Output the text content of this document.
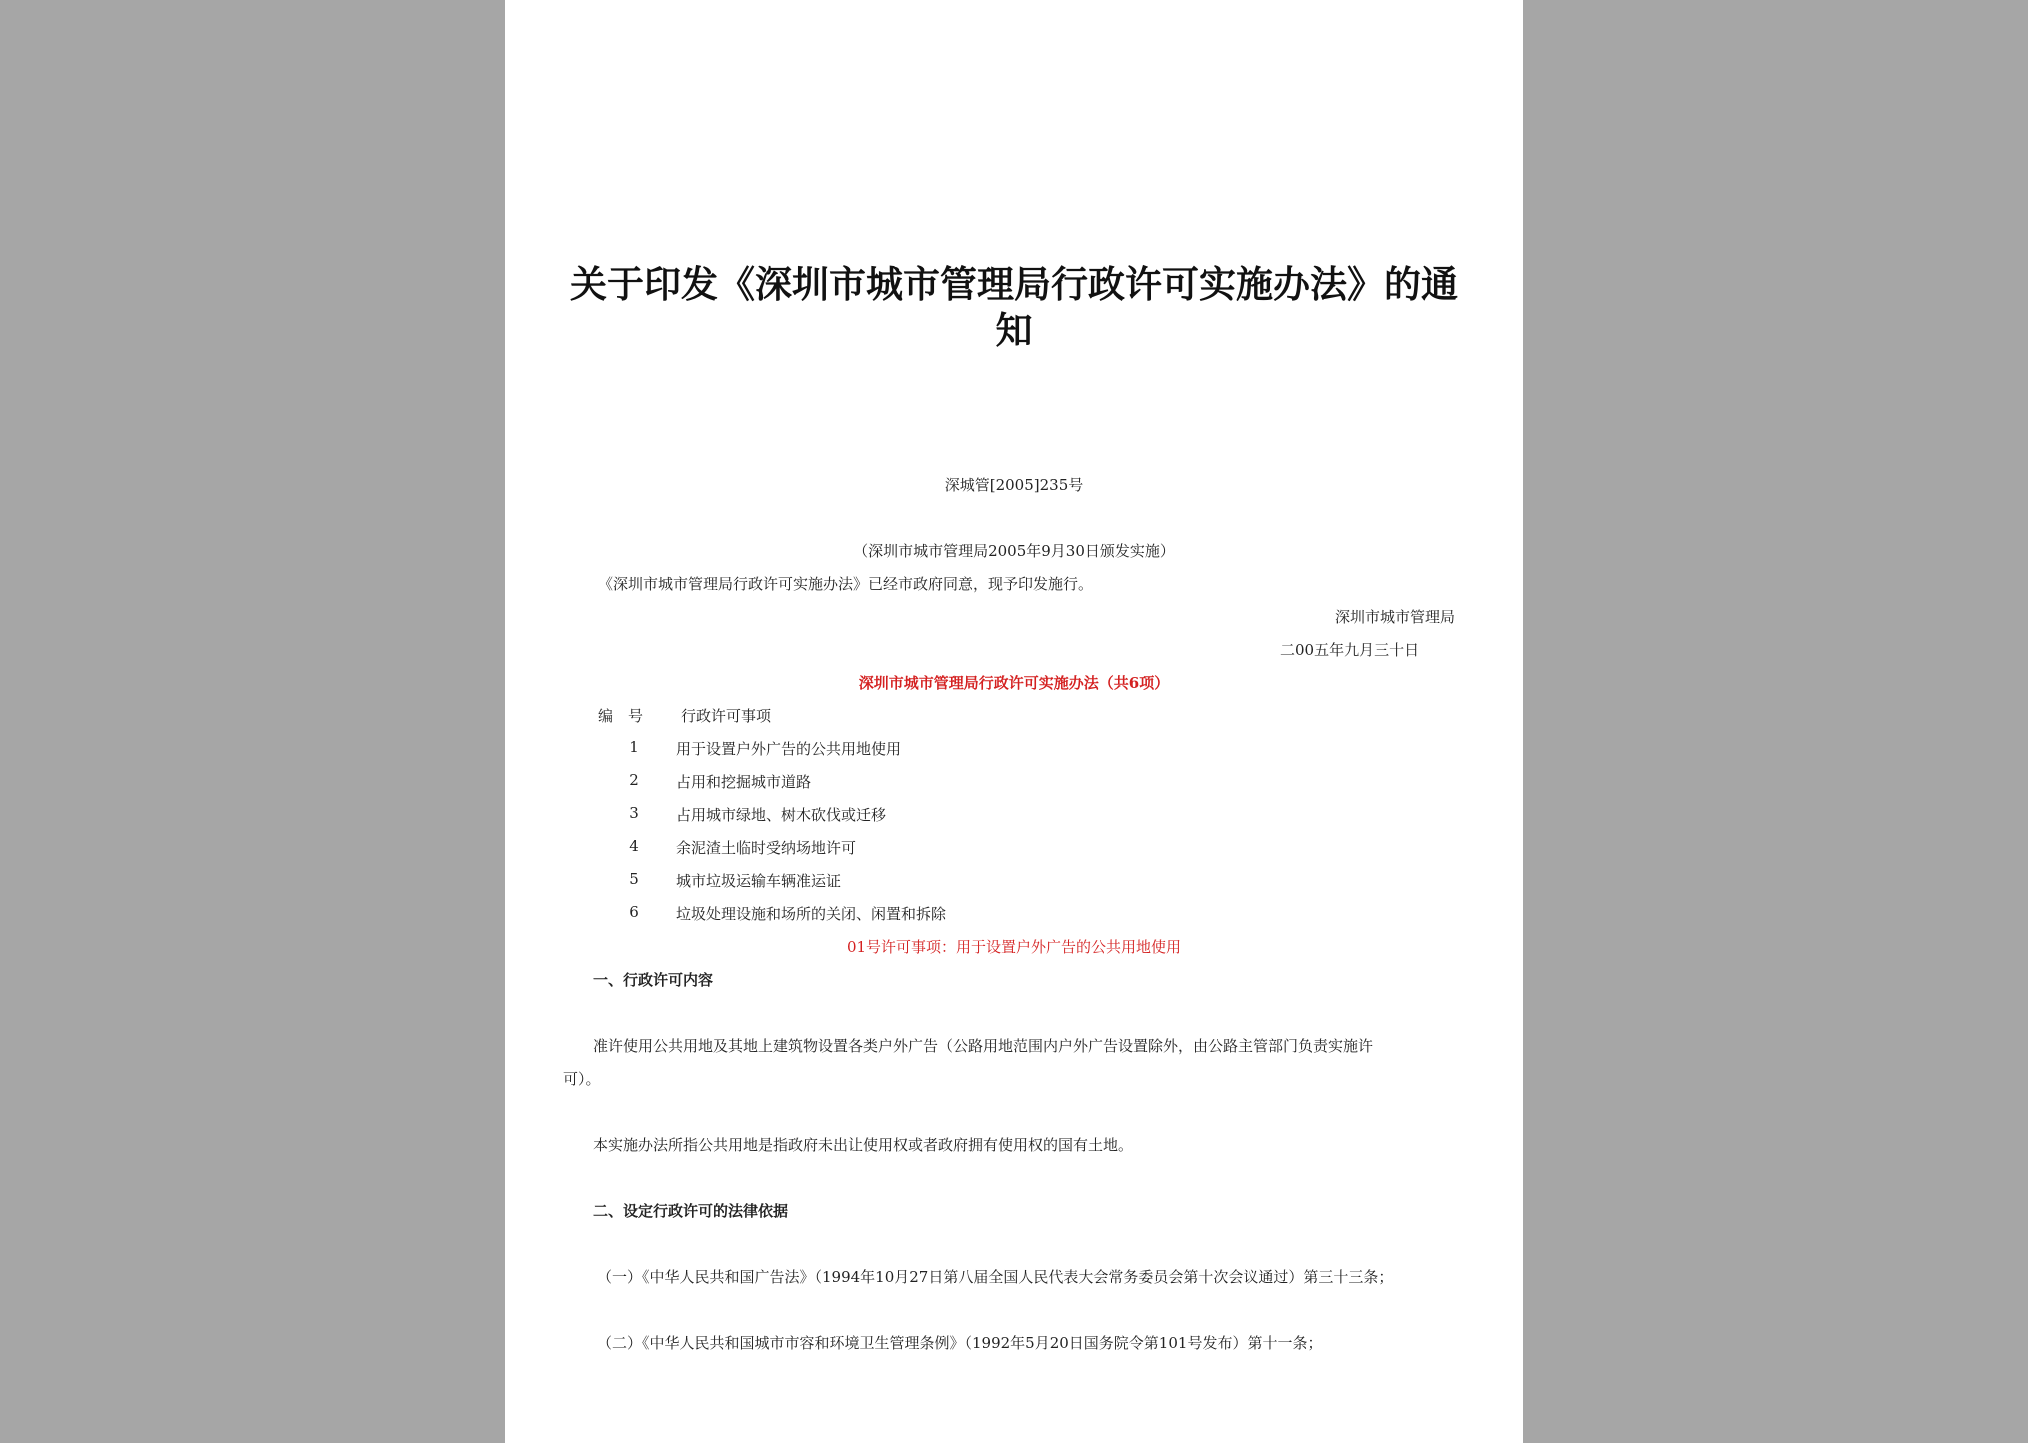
关于印发《深圳市城市管理局行政许可实施办法》的通
知
深城管[2005]235号
（深圳市城市管理局2005年9月30日颁发实施）
《深圳市城市管理局行政许可实施办法》已经市政府同意，现予印发施行。
深圳市城市管理局
二00五年九月三十日
深圳市城市管理局行政许可实施办法（共6项）
编　号	行政许可事项
1	用于设置户外广告的公共用地使用
2	占用和挖掘城市道路
3	占用城市绿地、树木砍伐或迁移
4	余泥渣土临时受纳场地许可
5	城市垃圾运输车辆准运证
6	垃圾处理设施和场所的关闭、闲置和拆除
01号许可事项：用于设置户外广告的公共用地使用
一、行政许可内容
准许使用公共用地及其地上建筑物设置各类户外广告（公路用地范围内户外广告设置除外，由公路主管部门负责实施许
可）。
本实施办法所指公共用地是指政府未出让使用权或者政府拥有使用权的国有土地。
二、设定行政许可的法律依据
（一）《中华人民共和国广告法》（1994年10月27日第八届全国人民代表大会常务委员会第十次会议通过）第三十三条；
（二）《中华人民共和国城市市容和环境卫生管理条例》（1992年5月20日国务院令第101号发布）第十一条；
